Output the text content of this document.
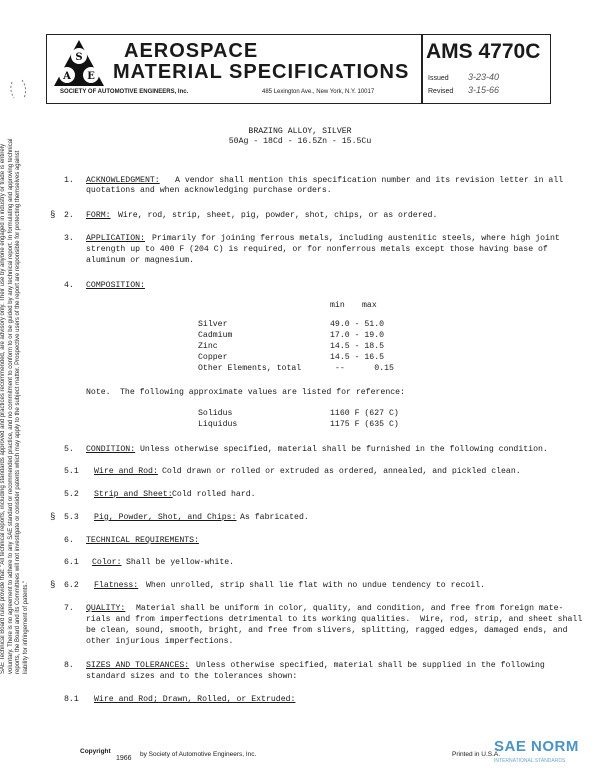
S
A E
AEROSPACE
MATERIAL SPECIFICATIONS
SOCIETY OF AUTOMOTIVE ENGINEERS, Inc.	485 Lexington Ave., New York, N.Y. 10017
AMS 4770C
Issued 3-23-40
Revised 3-15-66
SAE Technical Board rules provide that: "All technical reports, including standards approved and practices recommended, are advisory only. Their use by anyone engaged in industry or trade is entirely voluntary. There is no agreement to adhere to any SAE standard or recommended practice, and no commitment to conform to or be guided by any technical report. In formulating and approving technical reports, the Board and its Committees will not investigate or consider patents which may apply to the subject matter. Prospective users of the report are responsible for protecting themselves against liability for infringement of patents."
BRAZING ALLOY, SILVER
50Ag - 18Cd - 16.5Zn - 15.5Cu
1. ACKNOWLEDGMENT: A vendor shall mention this specification number and its revision letter in all
quotations and when acknowledging purchase orders.
§ 2. FORM: Wire, rod, strip, sheet, pig, powder, shot, chips, or as ordered.
3. APPLICATION: Primarily for joining ferrous metals, including austenitic steels, where high joint
strength up to 400 F (204 C) is required, or for nonferrous metals except those having base of
aluminum or magnesium.
4. COMPOSITION:
min max
Silver	49.0 - 51.0
Cadmium	17.0 - 19.0
Zinc	14.5 - 18.5
Copper	14.5 - 16.5
Other Elements, total	--      0.15
Note. The following approximate values are listed for reference:
Solidus	1160 F (627 C)
Liquidus	1175 F (635 C)
5. CONDITION: Unless otherwise specified, material shall be furnished in the following condition.
5.1 Wire and Rod: Cold drawn or rolled or extruded as ordered, annealed, and pickled clean.
5.2 Strip and Sheet: Cold rolled hard.
§ 5.3 Pig, Powder, Shot, and Chips: As fabricated.
6. TECHNICAL REQUIREMENTS:
6.1 Color: Shall be yellow-white.
§ 6.2 Flatness: When unrolled, strip shall lie flat with no undue tendency to recoil.
7. QUALITY: Material shall be uniform in color, quality, and condition, and free from foreign mate-
rials and from imperfections detrimental to its working qualities.  Wire, rod, strip, and sheet shall
be clean, sound, smooth, bright, and free from slivers, splitting, ragged edges, damaged ends, and
other injurious imperfections.
8. SIZES AND TOLERANCES: Unless otherwise specified, material shall be supplied in the following
standard sizes and to the tolerances shown:
8.1 Wire and Rod; Drawn, Rolled, or Extruded:
Copyright
1966
by Society of Automotive Engineers, Inc.	Printed in U.S.A.
SAE NORM
INTERNATIONAL STANDARDS
